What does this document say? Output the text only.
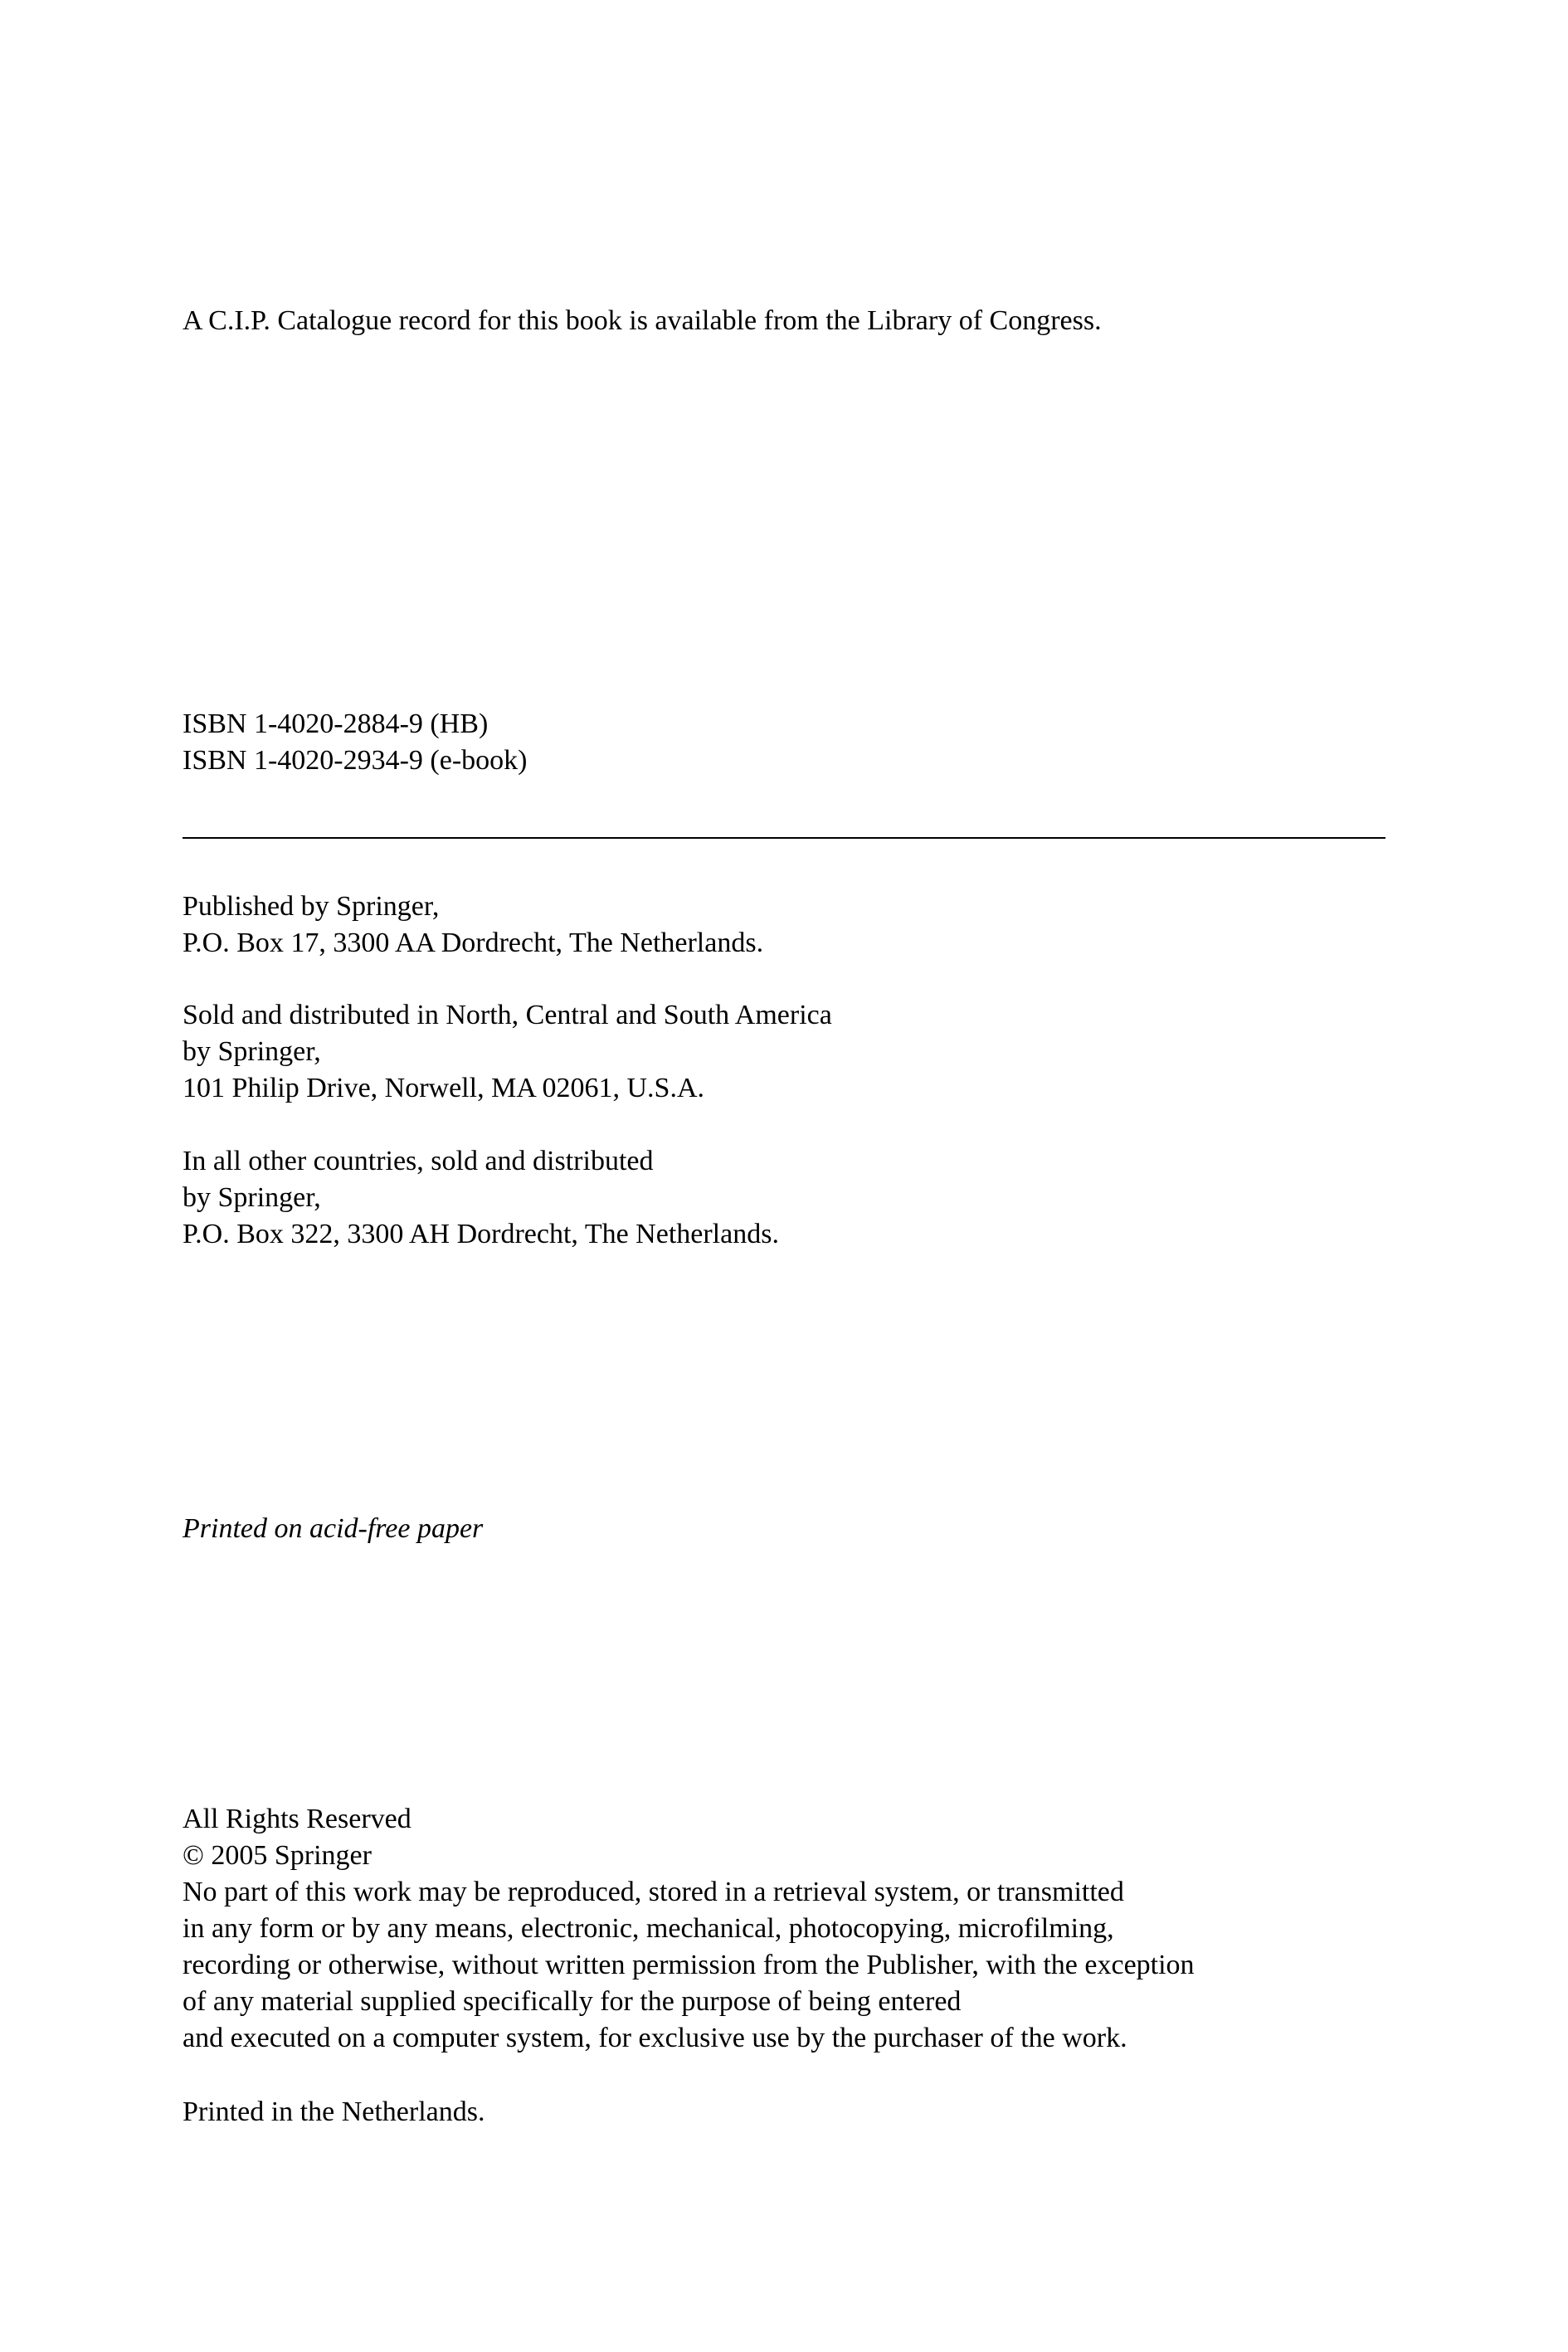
A C.I.P. Catalogue record for this book is available from the Library of Congress.
ISBN 1-4020-2884-9 (HB)
ISBN 1-4020-2934-9 (e-book)
Published by Springer,
P.O. Box 17, 3300 AA Dordrecht, The Netherlands.
Sold and distributed in North, Central and South America
by Springer,
101 Philip Drive, Norwell, MA 02061, U.S.A.
In all other countries, sold and distributed
by Springer,
P.O. Box 322, 3300 AH Dordrecht, The Netherlands.
Printed on acid-free paper
All Rights Reserved
© 2005 Springer
No part of this work may be reproduced, stored in a retrieval system, or transmitted
in any form or by any means, electronic, mechanical, photocopying, microfilming,
recording or otherwise, without written permission from the Publisher, with the exception
of any material supplied specifically for the purpose of being entered
and executed on a computer system, for exclusive use by the purchaser of the work.
Printed in the Netherlands.
